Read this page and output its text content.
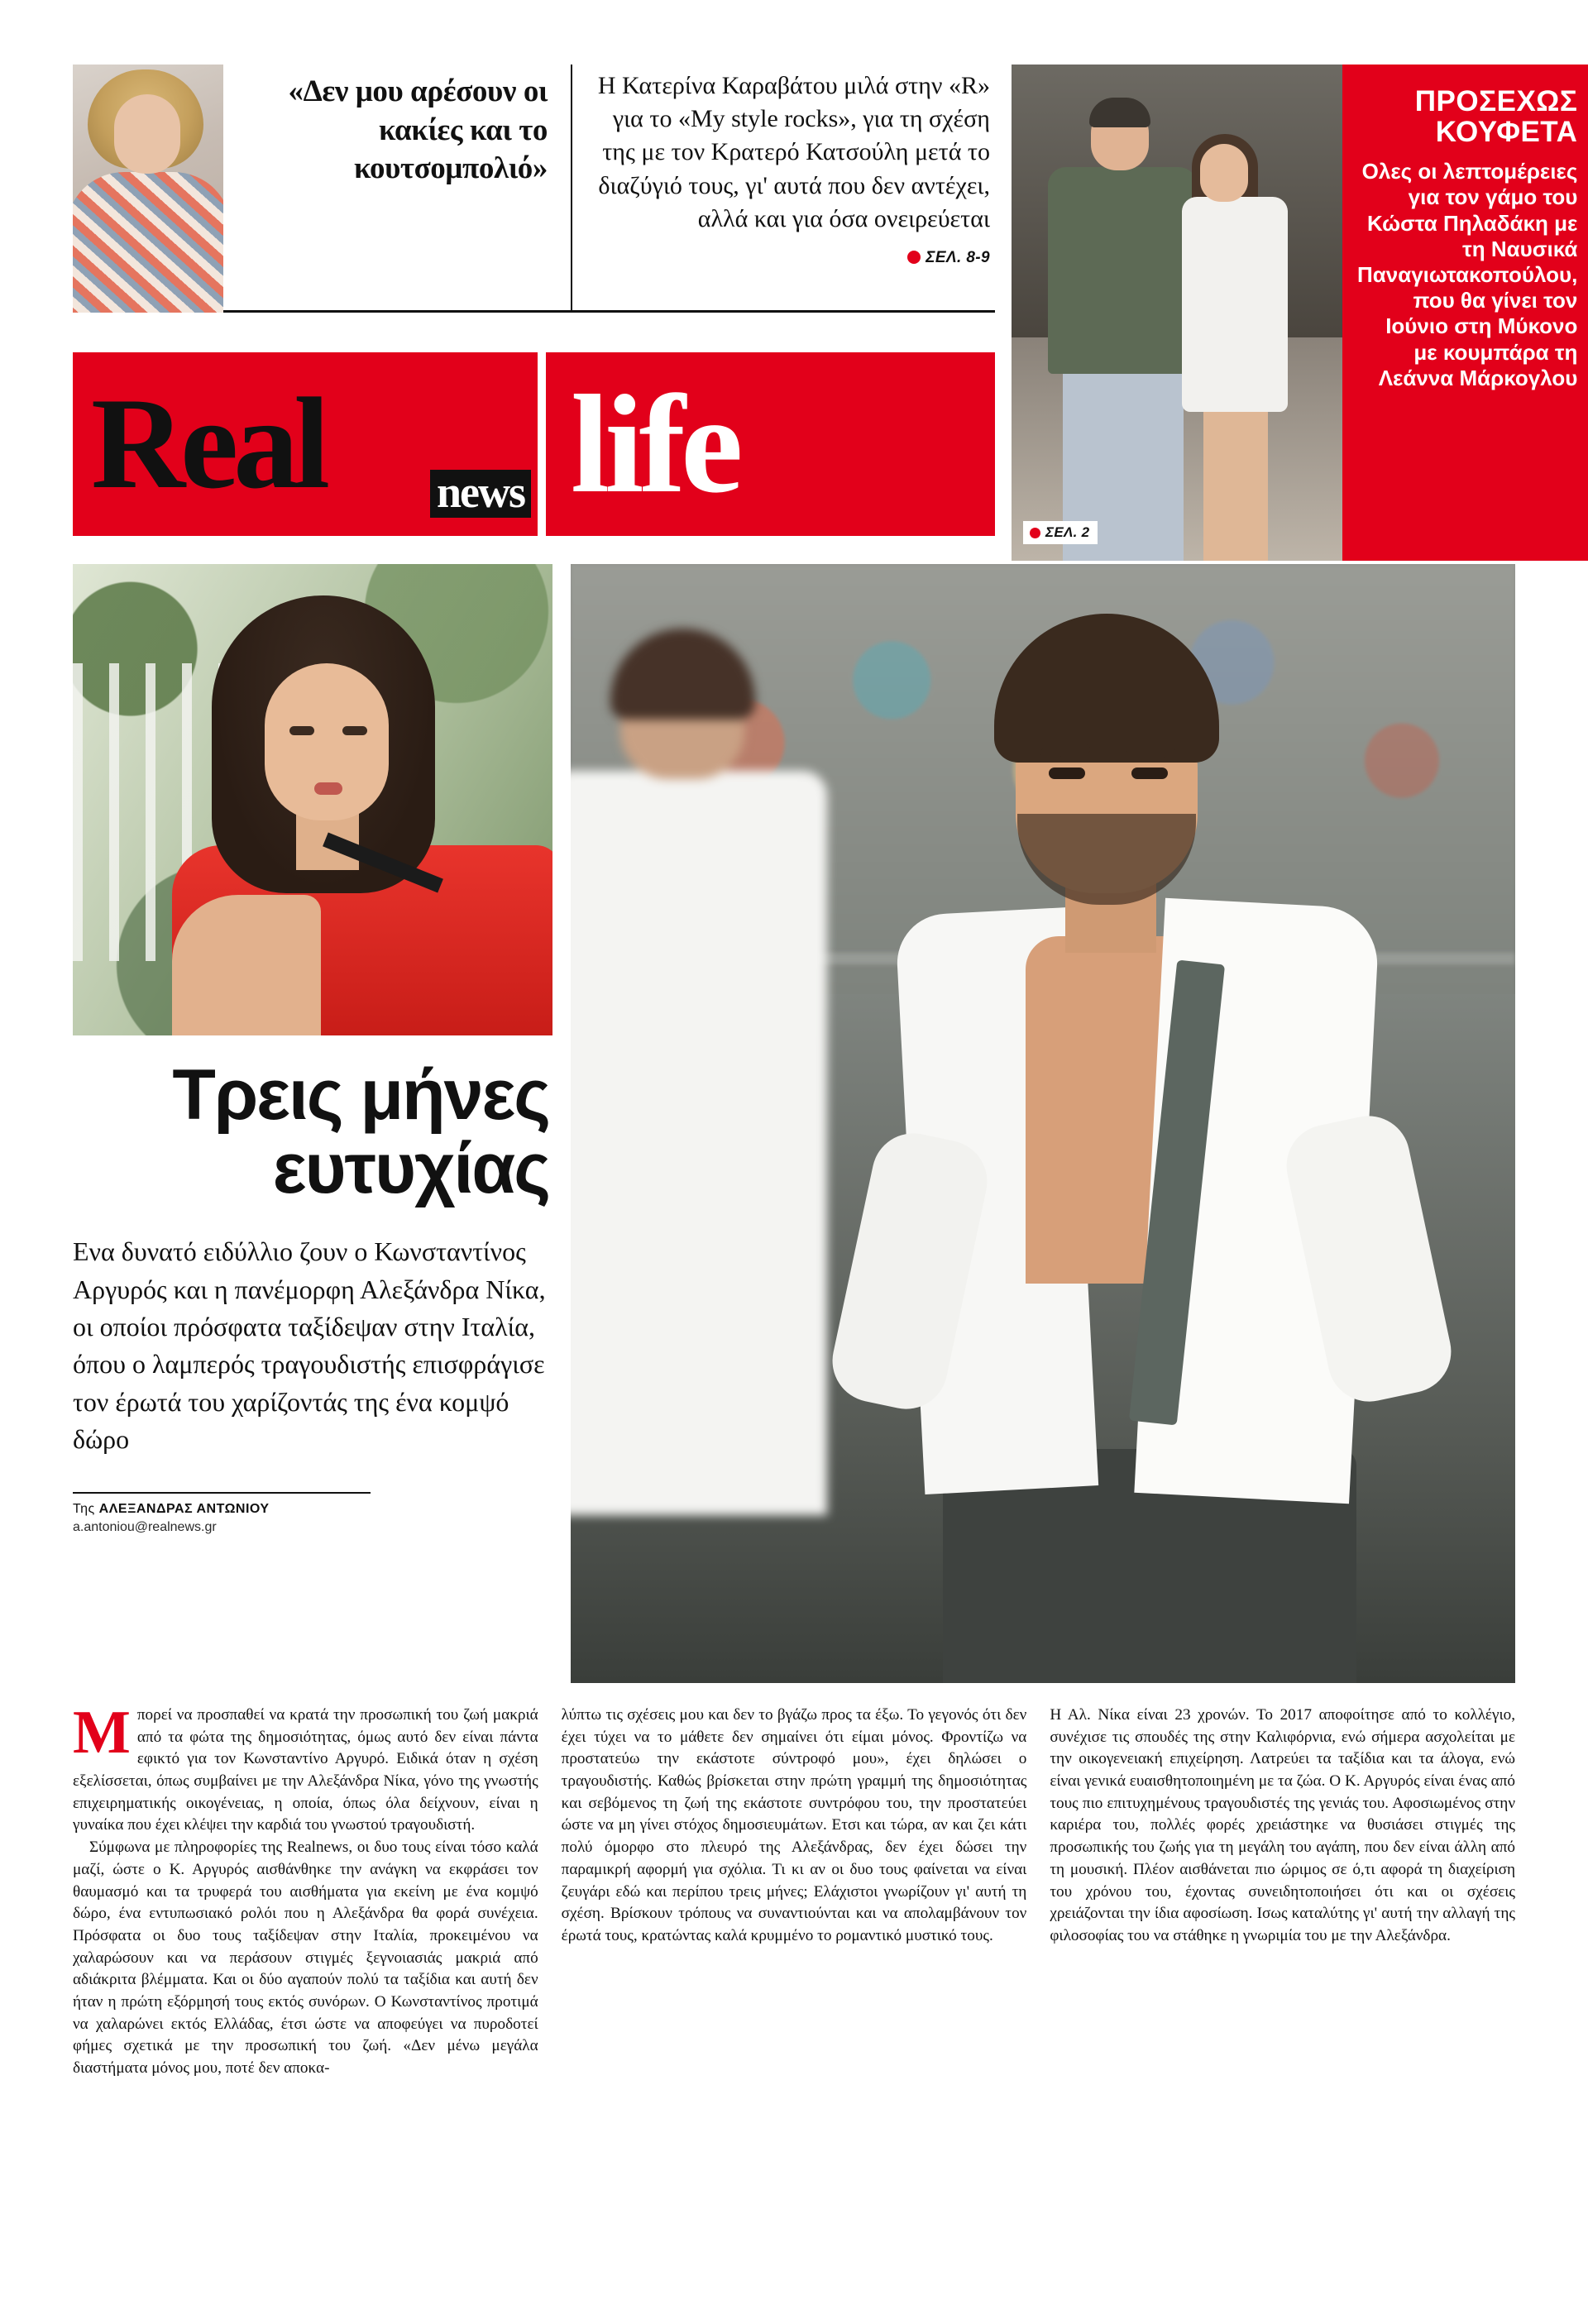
«Δεν μου αρέσουν οι κακίες και το κουτσομπολιό»
Η Κατερίνα Καραβάτου μιλά στην «R» για το «My style rocks», για τη σχέση της με τον Κρατερό Κατσούλη μετά το διαζύγιό τους, γι' αυτά που δεν αντέχει, αλλά και για όσα ονειρεύεται
ΣΕΛ. 8-9
ΣΕΛ. 2
ΠΡΟΣΕΧΩΣ ΚΟΥΦΕΤΑ

Ολες οι λεπτομέρειες για τον γάμο του Κώστα Πηλαδάκη με τη Ναυσικά Παναγιωτακοπούλου, που θα γίνει τον Ιούνιο στη Μύκονο με κουμπάρα τη Λεάννα Μάρκογλου

Real news life
Τρεις μήνες ευτυχίας
Ενα δυνατό ειδύλλιο ζουν ο Κωνσταντίνος Αργυρός και η πανέμορφη Αλεξάνδρα Νίκα, οι οποίοι πρόσφατα ταξίδεψαν στην Ιταλία, όπου ο λαμπερός τραγουδιστής επισφράγισε τον έρωτά του χαρίζοντάς της ένα κομψό δώρο
Της ΑΛΕΞΑΝΔΡΑΣ ΑΝΤΩΝΙΟΥ
a.antoniou@realnews.gr

Μπορεί να προσπαθεί να κρατά την προσωπική του ζωή μακριά από τα φώτα της δημοσιότητας, όμως αυτό δεν είναι πάντα εφικτό για τον Κωνσταντίνο Αργυρό. Ειδικά όταν η σχέση εξελίσσεται, όπως συμβαίνει με την Αλεξάνδρα Νίκα, γόνο της γνωστής επιχειρηματικής οικογένειας, η οποία, όπως όλα δείχνουν, είναι η γυναίκα που έχει κλέψει την καρδιά του γνωστού τραγουδιστή.

Σύμφωνα με πληροφορίες της Realnews, οι δυο τους είναι τόσο καλά μαζί, ώστε ο Κ. Αργυρός αισθάνθηκε την ανάγκη να εκφράσει τον θαυμασμό και τα τρυφερά του αισθήματα για εκείνη με ένα κομψό δώρο, ένα εντυπωσιακό ρολόι που η Αλεξάνδρα θα φορά συνέχεια. Πρόσφατα οι δυο τους ταξίδεψαν στην Ιταλία, προκειμένου να χαλαρώσουν και να περάσουν στιγμές ξεγνοιασιάς μακριά από αδιάκριτα βλέμματα. Και οι δύο αγαπούν πολύ τα ταξίδια και αυτή δεν ήταν η πρώτη εξόρμησή τους εκτός συνόρων. Ο Κωνσταντίνος προτιμά να χαλαρώνει εκτός Ελλάδας, έτσι ώστε να αποφεύγει να πυροδοτεί φήμες σχετικά με την προσωπική του ζωή. «Δεν μένω μεγάλα διαστήματα μόνος μου, ποτέ δεν αποκα-

λύπτω τις σχέσεις μου και δεν το βγάζω προς τα έξω. Το γεγονός ότι δεν έχει τύχει να το μάθετε δεν σημαίνει ότι είμαι μόνος. Φροντίζω να προστατεύω την εκάστοτε σύντροφό μου», έχει δηλώσει ο τραγουδιστής. Καθώς βρίσκεται στην πρώτη γραμμή της δημοσιότητας και σεβόμενος τη ζωή της εκάστοτε συντρόφου του, την προστατεύει ώστε να μη γίνει στόχος δημοσιευμάτων. Ετσι και τώρα, αν και ζει κάτι πολύ όμορφο στο πλευρό της Αλεξάνδρας, δεν έχει δώσει την παραμικρή αφορμή για σχόλια. Τι κι αν οι δυο τους φαίνεται να είναι ζευγάρι εδώ και περίπου τρεις μήνες; Ελάχιστοι γνωρίζουν γι' αυτή τη σχέση. Βρίσκουν τρόπους να συναντιούνται και να απολαμβάνουν τον έρωτά τους, κρατώντας καλά κρυμμένο το ρομαντικό μυστικό τους.

Η Αλ. Νίκα είναι 23 χρονών. Το 2017 αποφοίτησε από το κολλέγιο, συνέχισε τις σπουδές της στην Καλιφόρνια, ενώ σήμερα ασχολείται με την οικογενειακή επιχείρηση. Λατρεύει τα ταξίδια και τα άλογα, ενώ είναι γενικά ευαισθητοποιημένη με τα ζώα. Ο Κ. Αργυρός είναι ένας από τους πιο επιτυχημένους τραγουδιστές της γενιάς του. Αφοσιωμένος στην καριέρα του, πολλές φορές χρειάστηκε να θυσιάσει στιγμές της προσωπικής του ζωής για τη μεγάλη του αγάπη, που δεν είναι άλλη από τη μουσική. Πλέον αισθάνεται πιο ώριμος σε ό,τι αφορά τη διαχείριση του χρόνου του, έχοντας συνειδητοποιήσει ότι και οι σχέσεις χρειάζονται την ίδια αφοσίωση. Ισως καταλύτης γι' αυτή την αλλαγή της φιλοσοφίας του να στάθηκε η γνωριμία του με την Αλεξάνδρα.
